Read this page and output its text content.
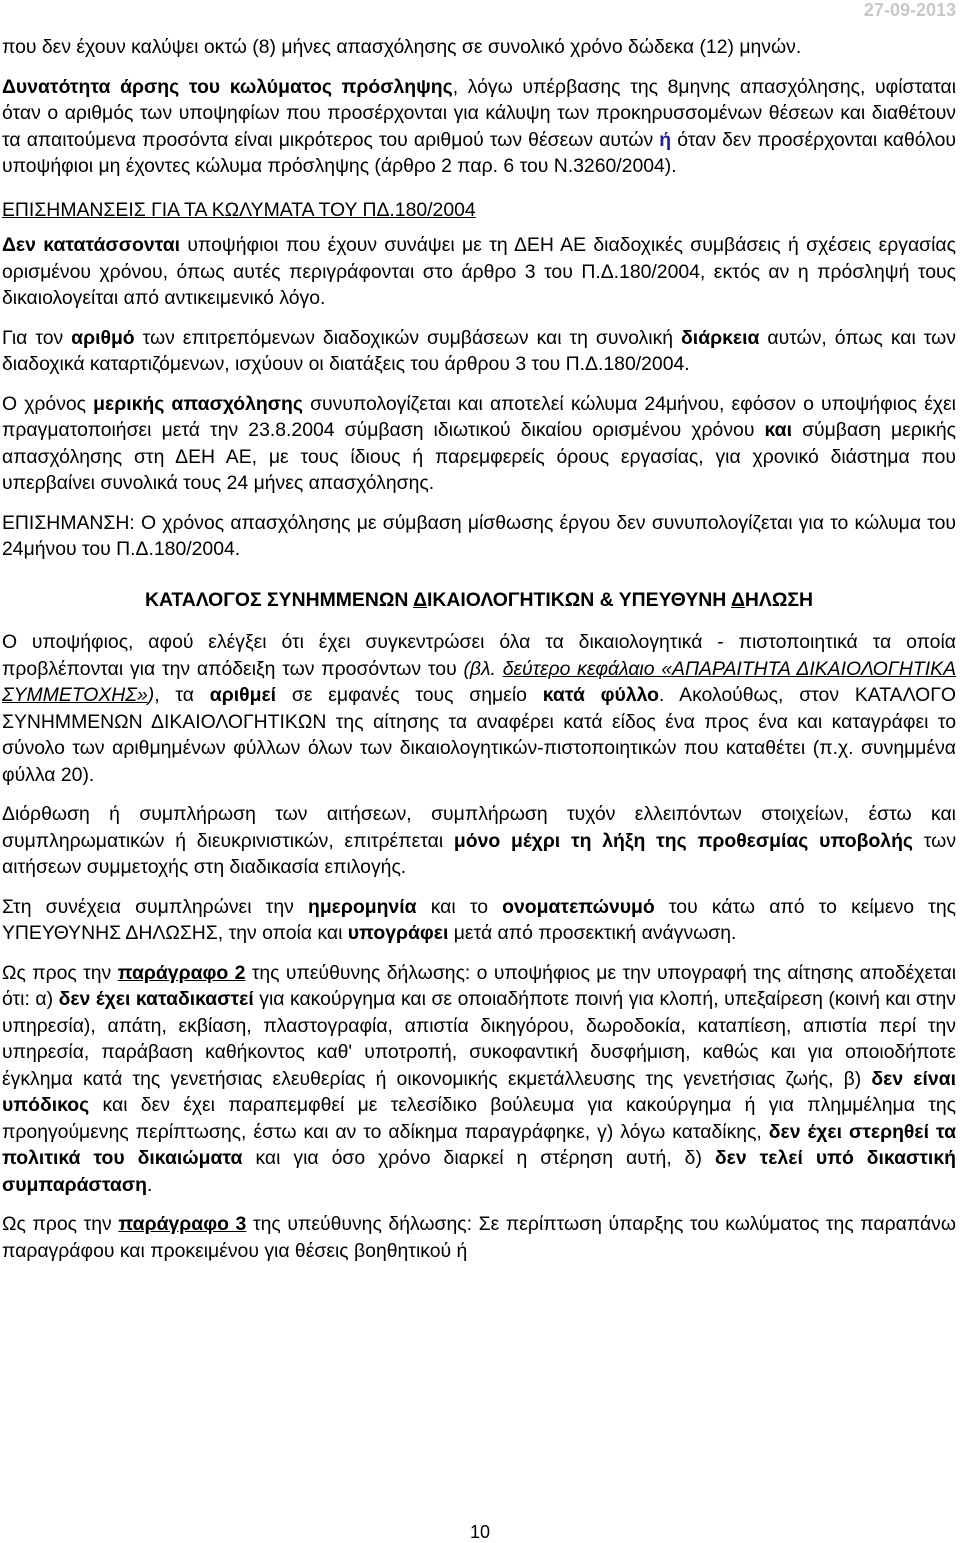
27-09-2013

που δεν έχουν καλύψει οκτώ (8) μήνες απασχόλησης σε συνολικό χρόνο δώδεκα (12) μηνών.

Δυνατότητα άρσης του κωλύματος πρόσληψης, λόγω υπέρβασης της 8μηνης απασχόλησης, υφίσταται όταν ο αριθμός των υποψηφίων που προσέρχονται για κάλυψη των προκηρυσσομένων θέσεων και διαθέτουν τα απαιτούμενα προσόντα είναι μικρότερος του αριθμού των θέσεων αυτών ή όταν δεν προσέρχονται καθόλου υποψήφιοι μη έχοντες κώλυμα πρόσληψης (άρθρο 2 παρ. 6 του Ν.3260/2004).

ΕΠΙΣΗΜΑΝΣΕΙΣ ΓΙΑ ΤΑ ΚΩΛΥΜΑΤΑ ΤΟΥ ΠΔ.180/2004

Δεν κατατάσσονται υποψήφιοι που έχουν συνάψει με τη ΔΕΗ ΑΕ διαδοχικές συμβάσεις ή σχέσεις εργασίας ορισμένου χρόνου, όπως αυτές περιγράφονται στο άρθρο 3 του Π.Δ.180/2004, εκτός αν η πρόσληψή τους δικαιολογείται από αντικειμενικό λόγο.

Για τον αριθμό των επιτρεπόμενων διαδοχικών συμβάσεων και τη συνολική διάρκεια αυτών, όπως και των διαδοχικά καταρτιζόμενων, ισχύουν οι διατάξεις του άρθρου 3 του Π.Δ.180/2004.

Ο χρόνος μερικής απασχόλησης συνυπολογίζεται και αποτελεί κώλυμα 24μήνου, εφόσον ο υποψήφιος έχει πραγματοποιήσει μετά την 23.8.2004 σύμβαση ιδιωτικού δικαίου ορισμένου χρόνου και σύμβαση μερικής απασχόλησης στη ΔΕΗ ΑΕ, με τους ίδιους ή παρεμφερείς όρους εργασίας, για χρονικό διάστημα που υπερβαίνει συνολικά τους 24 μήνες απασχόλησης.

ΕΠΙΣΗΜΑΝΣΗ: Ο χρόνος απασχόλησης με σύμβαση μίσθωσης έργου δεν συνυπολογίζεται για το κώλυμα του 24μήνου του Π.Δ.180/2004.

ΚΑΤΑΛΟΓΟΣ ΣΥΝΗΜΜΕΝΩΝ ΔΙΚΑΙΟΛΟΓΗΤΙΚΩΝ & ΥΠΕΥΘΥΝΗ ΔΗΛΩΣΗ

Ο υποψήφιος, αφού ελέγξει ότι έχει συγκεντρώσει όλα τα δικαιολογητικά - πιστοποιητικά τα οποία προβλέπονται για την απόδειξη των προσόντων του (βλ. δεύτερο κεφάλαιο «ΑΠΑΡΑΙΤΗΤΑ ΔΙΚΑΙΟΛΟΓΗΤΙΚΑ ΣΥΜΜΕΤΟΧΗΣ»), τα αριθμεί σε εμφανές τους σημείο κατά φύλλο. Ακολούθως, στον ΚΑΤΑΛΟΓΟ ΣΥΝΗΜΜΕΝΩΝ ΔΙΚΑΙΟΛΟΓΗΤΙΚΩΝ της αίτησης τα αναφέρει κατά είδος ένα προς ένα και καταγράφει το σύνολο των αριθμημένων φύλλων όλων των δικαιολογητικών-πιστοποιητικών που καταθέτει (π.χ. συνημμένα φύλλα 20).

Διόρθωση ή συμπλήρωση των αιτήσεων, συμπλήρωση τυχόν ελλειπόντων στοιχείων, έστω και συμπληρωματικών ή διευκρινιστικών, επιτρέπεται μόνο μέχρι τη λήξη της προθεσμίας υποβολής των αιτήσεων συμμετοχής στη διαδικασία επιλογής.

Στη συνέχεια συμπληρώνει την ημερομηνία και το ονοματεπώνυμό του κάτω από το κείμενο της ΥΠΕΥΘΥΝΗΣ ΔΗΛΩΣΗΣ, την οποία και υπογράφει μετά από προσεκτική ανάγνωση.

Ως προς την παράγραφο 2 της υπεύθυνης δήλωσης: ο υποψήφιος με την υπογραφή της αίτησης αποδέχεται ότι: α) δεν έχει καταδικαστεί για κακούργημα και σε οποιαδήποτε ποινή για κλοπή, υπεξαίρεση (κοινή και στην υπηρεσία), απάτη, εκβίαση, πλαστογραφία, απιστία δικηγόρου, δωροδοκία, καταπίεση, απιστία περί την υπηρεσία, παράβαση καθήκοντος καθ' υποτροπή, συκοφαντική δυσφήμιση, καθώς και για οποιοδήποτε έγκλημα κατά της γενετήσιας ελευθερίας ή οικονομικής εκμετάλλευσης της γενετήσιας ζωής, β) δεν είναι υπόδικος και δεν έχει παραπεμφθεί με τελεσίδικο βούλευμα για κακούργημα ή για πλημμέλημα της προηγούμενης περίπτωσης, έστω και αν το αδίκημα παραγράφηκε, γ) λόγω καταδίκης, δεν έχει στερηθεί τα πολιτικά του δικαιώματα και για όσο χρόνο διαρκεί η στέρηση αυτή, δ) δεν τελεί υπό δικαστική συμπαράσταση.

Ως προς την παράγραφο 3 της υπεύθυνης δήλωσης: Σε περίπτωση ύπαρξης του κωλύματος της παραπάνω παραγράφου και προκειμένου για θέσεις βοηθητικού ή

10
